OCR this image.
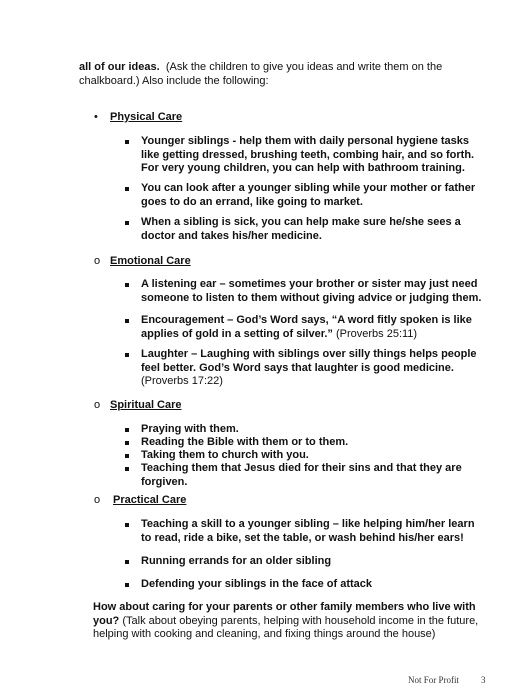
all of our ideas. (Ask the children to give you ideas and write them on the chalkboard.) Also include the following:
• Physical Care
Younger siblings - help them with daily personal hygiene tasks like getting dressed, brushing teeth, combing hair, and so forth. For very young children, you can help with bathroom training.
You can look after a younger sibling while your mother or father goes to do an errand, like going to market.
When a sibling is sick, you can help make sure he/she sees a doctor and takes his/her medicine.
o Emotional Care
A listening ear – sometimes your brother or sister may just need someone to listen to them without giving advice or judging them.
Encouragement – God’s Word says, “A word fitly spoken is like applies of gold in a setting of silver.” (Proverbs 25:11)
Laughter – Laughing with siblings over silly things helps people feel better. God’s Word says that laughter is good medicine. (Proverbs 17:22)
o Spiritual Care
Praying with them.
Reading the Bible with them or to them.
Taking them to church with you.
Teaching them that Jesus died for their sins and that they are forgiven.
o Practical Care
Teaching a skill to a younger sibling – like helping him/her learn to read, ride a bike, set the table, or wash behind his/her ears!
Running errands for an older sibling
Defending your siblings in the face of attack
How about caring for your parents or other family members who live with you? (Talk about obeying parents, helping with household income in the future, helping with cooking and cleaning, and fixing things around the house)
Not For Profit 3
